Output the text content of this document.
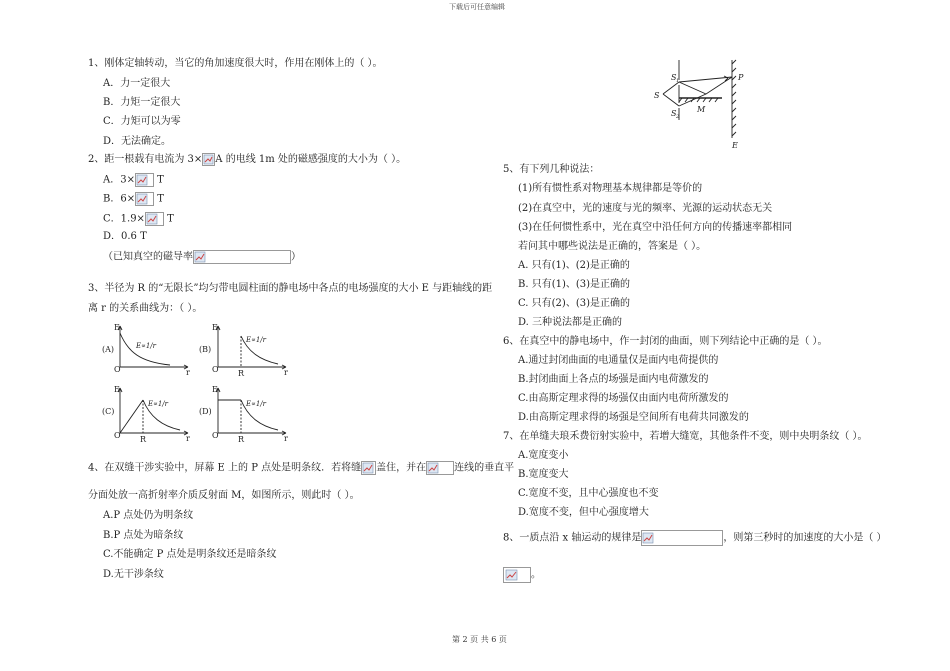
下载后可任意编辑
第 2 页 共 6 页
1、刚体定轴转动，当它的角加速度很大时，作用在刚体上的（ ）。
A．力一定很大
B．力矩一定很大
C．力矩可以为零
D．无法确定。
2、距一根载有电流为 3× A 的电线 1m 处的磁感强度的大小为（ ）。
A．3×
T
B．6×
T
C．1.9×
T
D．0.6 T
（已知真空的磁导率	）
3、半径为 R 的“无限长”均匀带电圆柱面的静电场中各点的电场强度的大小 E 与距轴线的距
离 r 的关系曲线为：（ ）。
E
O	r
(A)	E∝1/r
E
O	r
R
(B)
E∝1/r
E
O	r
R
(C)
E∝1/r
E
O	r
R
(D)
E∝1/r
4、在双缝干涉实验中，屏幕 E 上的 P 点处是明条纹．若将缝 盖住，并在	连线的垂直平
分面处放一高折射率介质反射面 M，如图所示，则此时（ ）。
A.P 点处仍为明条纹
B.P 点处为暗条纹
C.不能确定 P 点处是明条纹还是暗条纹
D.无干涉条纹
S 1
S
S 2
M
P
E
5、有下列几种说法：
(1)所有惯性系对物理基本规律都是等价的
(2)在真空中，光的速度与光的频率、光源的运动状态无关
(3)在任何惯性系中，光在真空中沿任何方向的传播速率都相同
若问其中哪些说法是正确的，答案是（ ）。
A. 只有(1)、(2)是正确的
B. 只有(1)、(3)是正确的
C. 只有(2)、(3)是正确的
D. 三种说法都是正确的
6、在真空中的静电场中，作一封闭的曲面，则下列结论中正确的是（ ）。
A.通过封闭曲面的电通量仅是面内电荷提供的
B.封闭曲面上各点的场强是面内电荷激发的
C.由高斯定理求得的场强仅由面内电荷所激发的
D.由高斯定理求得的场强是空间所有电荷共同激发的
7、在单缝夫琅禾费衍射实验中，若增大缝宽，其他条件不变，则中央明条纹（ ）。
A.宽度变小
B.宽度变大
C.宽度不变，且中心强度也不变
D.宽度不变，但中心强度增大
8、一质点沿 x 轴运动的规律是	，则第三秒时的加速度的大小是（ ）
。
